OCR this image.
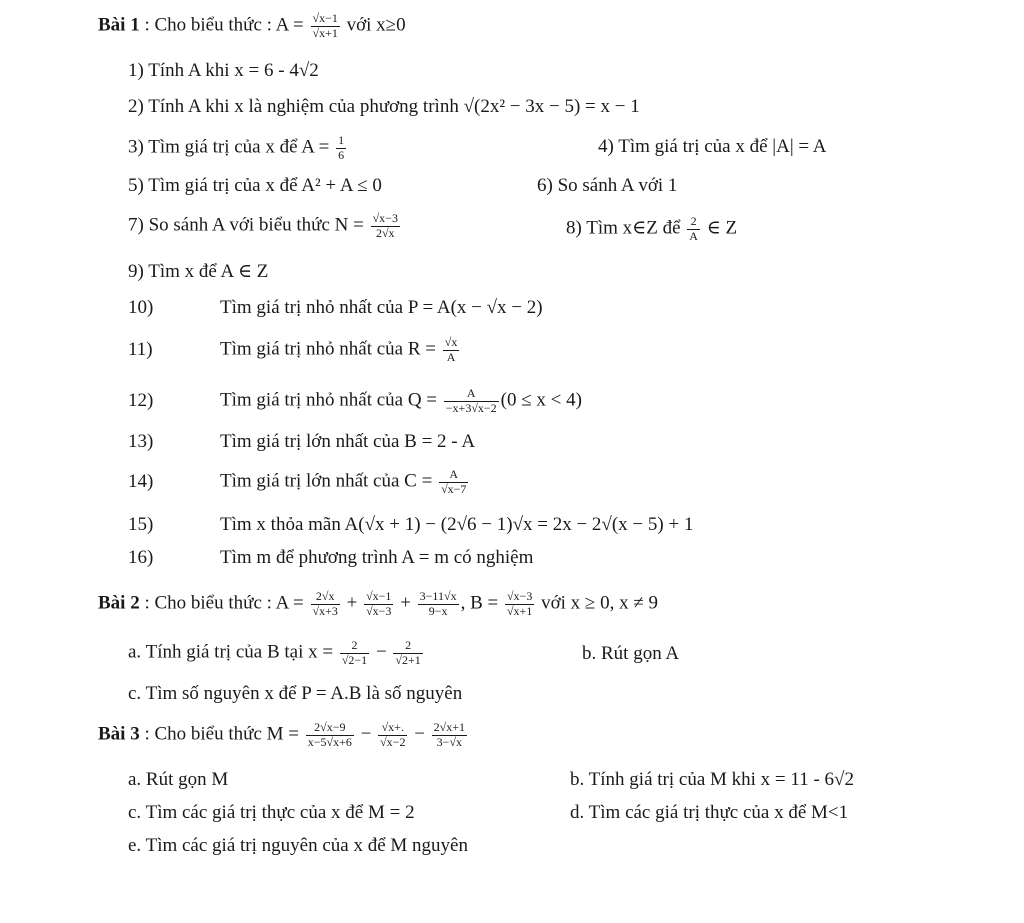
Bài 1 : Cho biểu thức : $A = \frac{√x-1}{√x+1}$ với x≥0
1) Tính A khi x = 6 - 4√2
2) Tính A khi x là nghiệm của phương trình √(2x² − 3x − 5) = x − 1
3) Tìm giá trị của x để $A = \frac{1}{6}$	4) Tìm giá trị của x để |A| = A
5) Tìm giá trị của x để A² + A ≤ 0	6) So sánh A với 1
7) So sánh A với biểu thức $N = \frac{√x-3}{2√x}$	8) Tìm x∈Z để $\frac{2}{A}$ ∈ Z
9) Tìm x để A ∈ Z
10)	Tìm giá trị nhỏ nhất của P = A(x − √x − 2)
11)	Tìm giá trị nhỏ nhất của $R = \frac{√x}{A}$
12)	Tìm giá trị nhỏ nhất của $Q = \frac{A}{-x+3√x-2} (0 \le x < 4)$
13)	Tìm giá trị lớn nhất của B = 2 - A
14)	Tìm giá trị lớn nhất của $C = \frac{A}{√x-7}$
15)	Tìm x thỏa mãn A(√x + 1) − (2√6 − 1)√x = 2x − 2√(x − 5) + 1
16)	Tìm m để phương trình A = m có nghiệm
Bài 2 : Cho biểu thức : $A = \frac{2√x}{√x+3} + \frac{√x-1}{√x-3} + \frac{3-11√x}{9-x}$ , $B = \frac{√x-3}{√x+1}$ với x ≥ 0, x ≠ 9
a. Tính giá trị của B tại $x = \frac{2}{√2-1} - \frac{2}{√2+1}$	b. Rút gọn A
c. Tìm số nguyên x để P = A.B là số nguyên
Bài 3 : Cho biểu thức $M = \frac{2√x-9}{x-5√x+6} - \frac{√x+.}{√x-2} - \frac{2√x+1}{3-√x}$
a. Rút gọn M	b. Tính giá trị của M khi x = 11 - 6√2
c. Tìm các giá trị thực của x để M = 2	d. Tìm các giá trị thực của x để M<1
e. Tìm các giá trị nguyên của x để M nguyên
